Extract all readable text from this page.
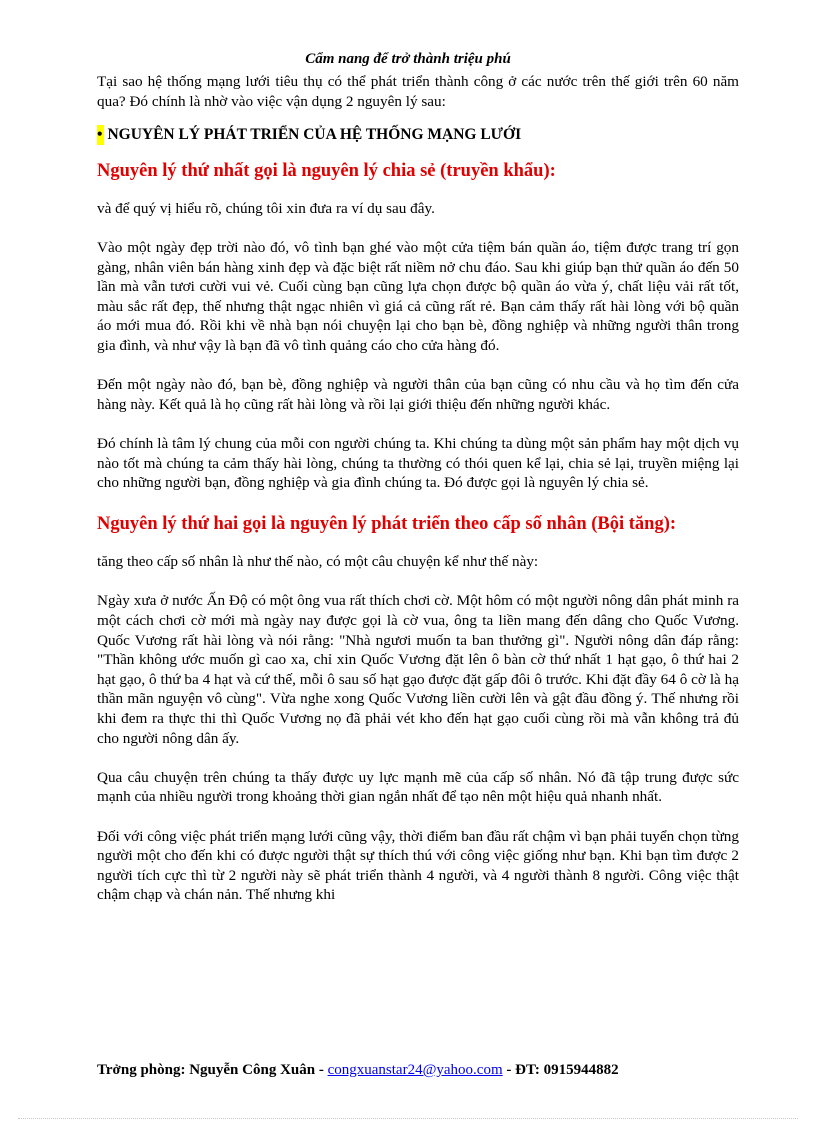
Cẩm nang để trở thành triệu phú

Tại sao hệ thống mạng lưới tiêu thụ có thể phát triển thành công ở các nước trên thế giới trên 60 năm qua? Đó chính là nhờ vào việc vận dụng 2 nguyên lý sau:

• NGUYÊN LÝ PHÁT TRIỂN CỦA HỆ THỐNG MẠNG LƯỚI
Nguyên lý thứ nhất gọi là nguyên lý chia sẻ (truyền khẩu):

và để quý vị hiểu rõ, chúng tôi xin đưa ra ví dụ sau đây.

Vào một ngày đẹp trời nào đó, vô tình bạn ghé vào một cửa tiệm bán quần áo, tiệm được trang trí gọn gàng, nhân viên bán hàng xinh đẹp và đặc biệt rất niềm nở chu đáo. Sau khi giúp bạn thử quần áo đến 50 lần mà vẫn tươi cười vui vẻ. Cuối cùng bạn cũng lựa chọn được bộ quần áo vừa ý, chất liệu vải rất tốt, màu sắc rất đẹp, thế nhưng thật ngạc nhiên vì giá cả cũng rất rẻ. Bạn cảm thấy rất hài lòng với bộ quần áo mới mua đó. Rồi khi về nhà bạn nói chuyện lại cho bạn bè, đồng nghiệp và những người thân trong gia đình, và như vậy là bạn đã vô tình quảng cáo cho cửa hàng đó.

Đến một ngày nào đó, bạn bè, đồng nghiệp và người thân của bạn cũng có nhu cầu và họ tìm đến cửa hàng này. Kết quả là họ cũng rất hài lòng và rồi lại giới thiệu đến những người khác.

Đó chính là tâm lý chung của mỗi con người chúng ta. Khi chúng ta dùng một sản phẩm hay một dịch vụ nào tốt mà chúng ta cảm thấy hài lòng, chúng ta thường có thói quen kể lại, chia sẻ lại, truyền miệng lại cho những người bạn, đồng nghiệp và gia đình chúng ta. Đó được gọi là nguyên lý chia sẻ.

Nguyên lý thứ hai gọi là nguyên lý phát triển theo cấp số nhân (Bội tăng):

tăng theo cấp số nhân là như thế nào, có một câu chuyện kể như thế này:

Ngày xưa ở nước Ấn Độ có một ông vua rất thích chơi cờ. Một hôm có một người nông dân phát minh ra một cách chơi cờ mới mà ngày nay được gọi là cờ vua, ông ta liền mang đến dâng cho Quốc Vương. Quốc Vương rất hài lòng và nói rằng: "Nhà ngươi muốn ta ban thưởng gì". Người nông dân đáp rằng: "Thần không ước muốn gì cao xa, chỉ xin Quốc Vương đặt lên ô bàn cờ thứ nhất 1 hạt gạo, ô thứ hai 2 hạt gạo, ô thứ ba 4 hạt và cứ thế, mỗi ô sau số hạt gạo được đặt gấp đôi ô trước. Khi đặt đầy 64 ô cờ là hạ thần mãn nguyện vô cùng". Vừa nghe xong Quốc Vương liền cười lên và gật đầu đồng ý. Thế nhưng rồi khi đem ra thực thi thì Quốc Vương nọ đã phải vét kho đến hạt gạo cuối cùng rồi mà vẫn không trả đủ cho người nông dân ấy.

Qua câu chuyện trên chúng ta thấy được uy lực mạnh mẽ của cấp số nhân. Nó đã tập trung được sức mạnh của nhiều người trong khoảng thời gian ngắn nhất để tạo nên một hiệu quả nhanh nhất.

Đối với công việc phát triển mạng lưới cũng vậy, thời điểm ban đầu rất chậm vì bạn phải tuyển chọn từng người một cho đến khi có được người thật sự thích thú với công việc giống như bạn. Khi bạn tìm được 2 người tích cực thì từ 2 người này sẽ phát triển thành 4 người, và 4 người thành 8 người. Công việc thật chậm chạp và chán nản. Thế nhưng khi

Trởng phòng: Nguyễn Công Xuân - congxuanstar24@yahoo.com - ĐT: 0915944882
